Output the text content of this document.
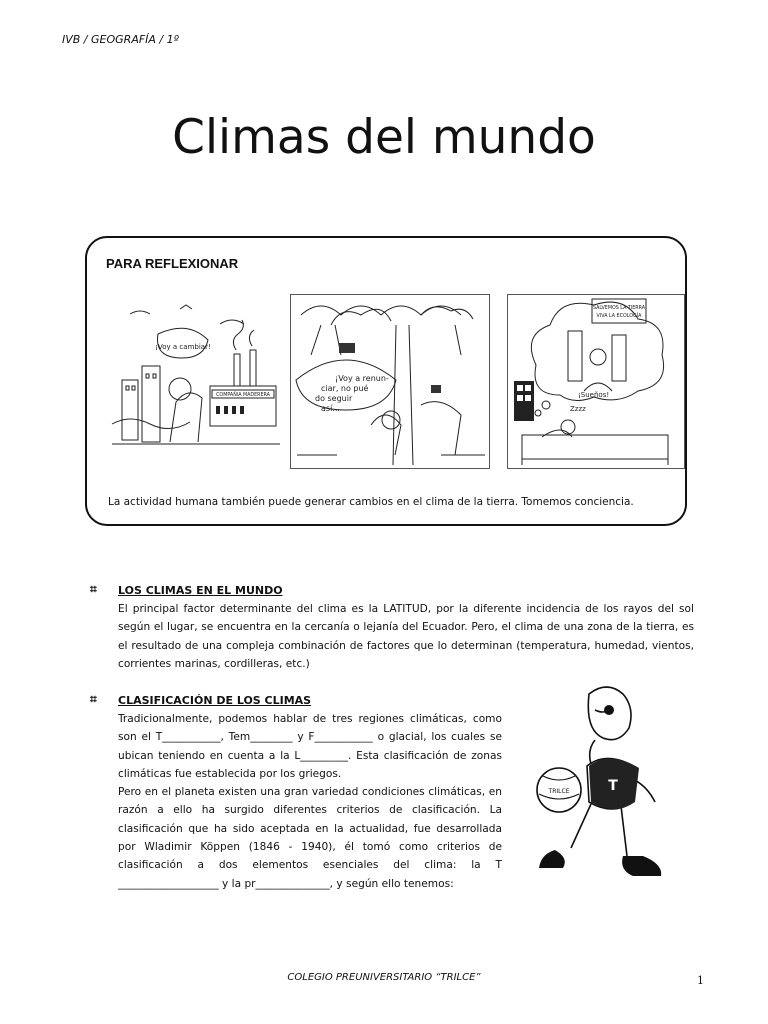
IVB / GEOGRAFÍA / 1º
Climas del mundo
PARA REFLEXIONAR
¡Voy a cambiar!
COMPAÑIA MADERERA
¡Voy a renun-
ciar, no pué
do seguir
así...
SALVEMOS LA TIERRA
VIVA LA ECOLOGÍA
¡Sueños!
Zzzz
La actividad humana también puede generar cambios en el clima de la tierra. Tomemos conciencia.
⌗ LOS CLIMAS EN EL MUNDO
El principal factor determinante del clima es la LATITUD, por la diferente incidencia de los rayos del sol según el lugar, se encuentra en la cercanía o lejanía del Ecuador. Pero, el clima de una zona de la tierra, es el resultado de una compleja combinación de factores que lo determinan (temperatura, humedad, vientos, corrientes marinas, cordilleras, etc.)
⌗ CLASIFICACIÓN DE LOS CLIMAS
Tradicionalmente, podemos hablar de tres regiones climáticas, como son el T___________, Tem________ y F___________ o glacial, los cuales se ubican teniendo en cuenta a la L_________. Esta clasificación de zonas climáticas fue establecida por los griegos.
Pero en el planeta existen una gran variedad condiciones climáticas, en razón a ello ha surgido diferentes criterios de clasificación. La clasificación que ha sido aceptada en la actualidad, fue desarrollada por Wladimir Köppen (1846 - 1940), él tomó como criterios de clasificación a dos elementos esenciales del clima: la T ___________________ y la pr______________, y según ello tenemos:
T
TRILCE
COLEGIO PREUNIVERSITARIO “TRILCE”	1
